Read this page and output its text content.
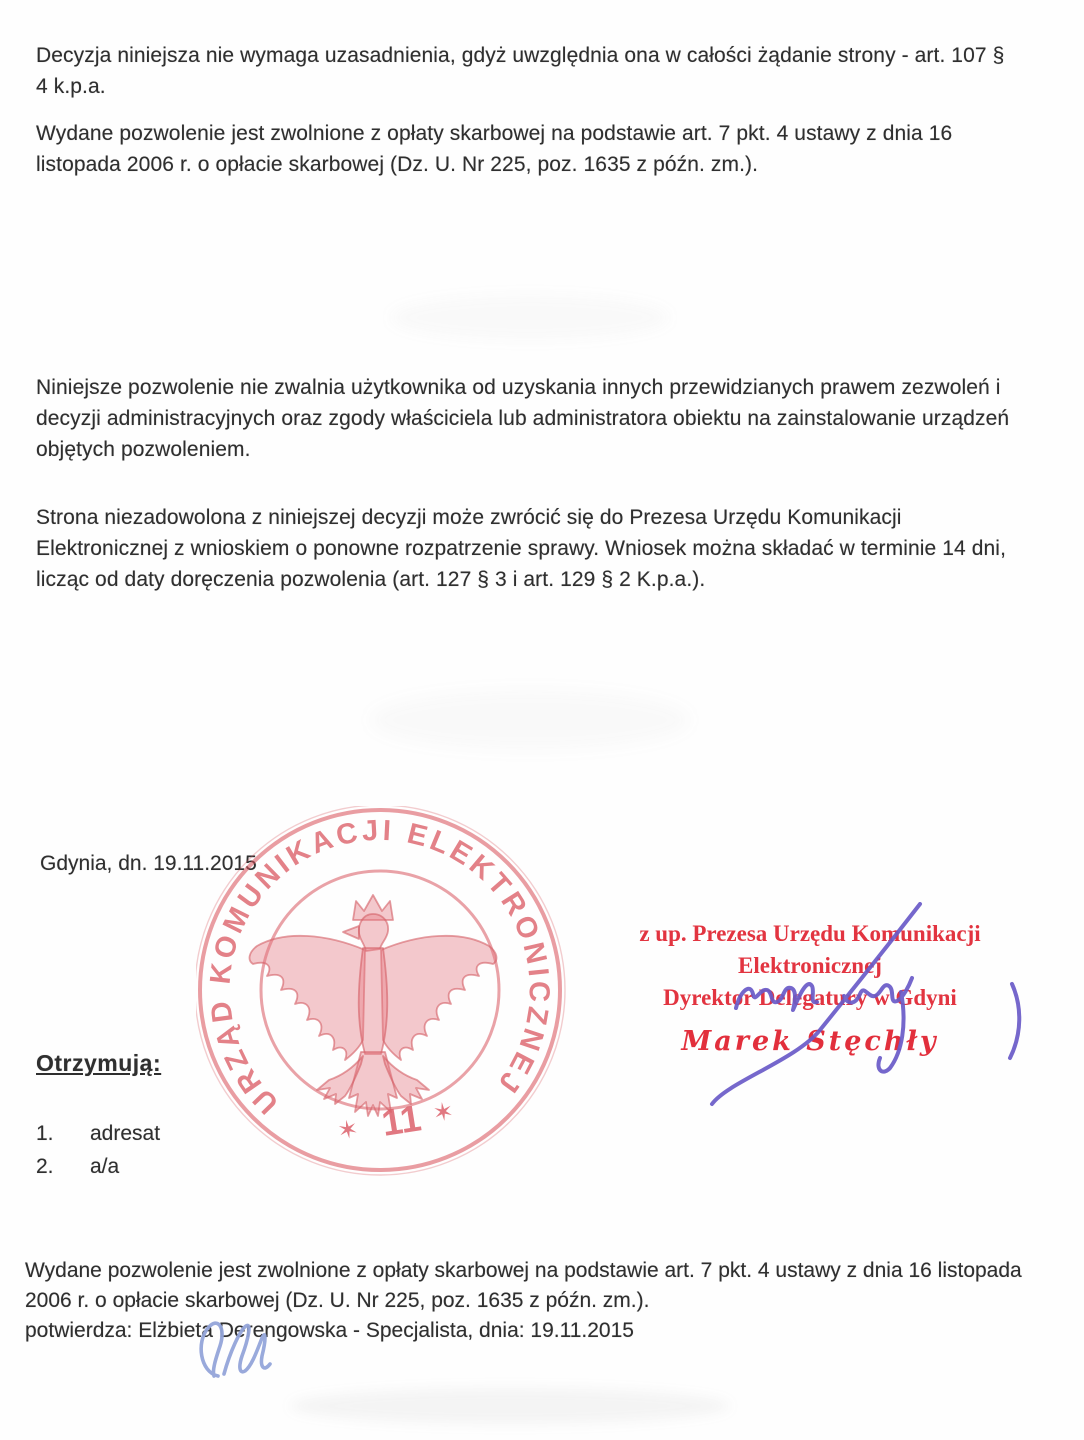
Decyzja niniejsza nie wymaga uzasadnienia, gdyż uwzględnia ona w całości żądanie strony - art. 107 § 4 k.p.a.
Wydane pozwolenie jest zwolnione z opłaty skarbowej na podstawie art. 7 pkt. 4 ustawy z dnia 16 listopada 2006 r. o opłacie skarbowej (Dz. U. Nr 225, poz. 1635 z późn. zm.).
Niniejsze pozwolenie nie zwalnia użytkownika od uzyskania innych przewidzianych prawem zezwoleń i decyzji administracyjnych oraz zgody właściciela lub administratora obiektu na zainstalowanie urządzeń objętych pozwoleniem.
Strona niezadowolona z niniejszej decyzji może zwrócić się do Prezesa Urzędu Komunikacji Elektronicznej z wnioskiem o ponowne rozpatrzenie sprawy. Wniosek można składać w terminie 14 dni, licząc od daty doręczenia pozwolenia (art. 127 § 3 i art. 129 § 2 K.p.a.).
Gdynia, dn. 19.11.2015
URZĄD KOMUNIKACJI ELEKTRONICZNEJ
✶ 11 ✶
z up. Prezesa Urzędu Komunikacji Elektronicznej
Dyrektor Delegatury w Gdyni
Marek Stęchły
Otrzymują:
1. adresat
2. a/a
Wydane pozwolenie jest zwolnione z opłaty skarbowej na podstawie art. 7 pkt. 4 ustawy z dnia 16 listopada 2006 r. o opłacie skarbowej (Dz. U. Nr 225, poz. 1635 z późn. zm.).
potwierdza: Elżbieta Derengowska - Specjalista, dnia: 19.11.2015
